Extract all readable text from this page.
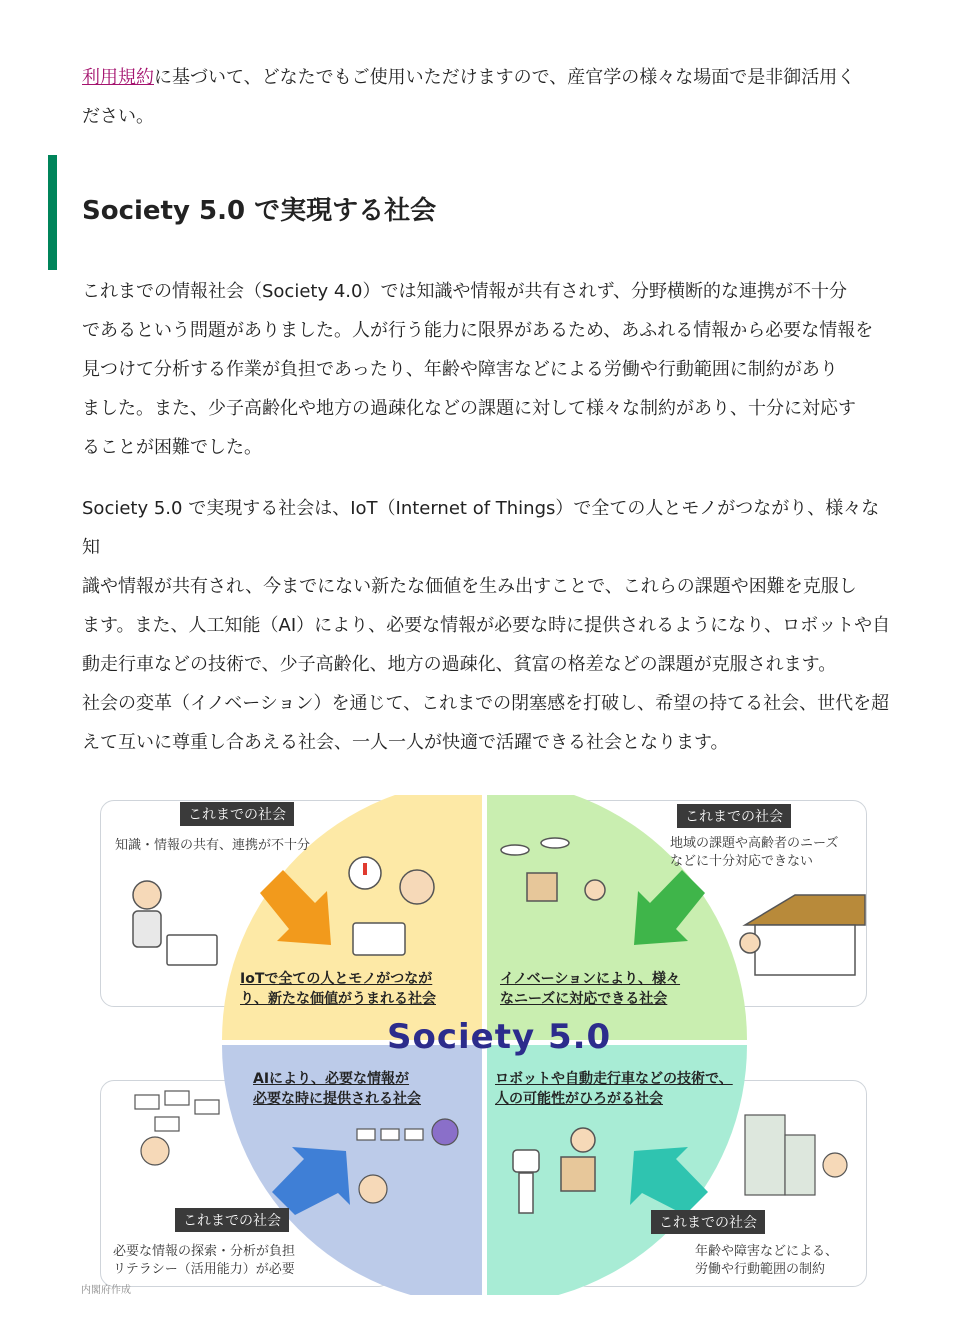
利用規約に基づいて、どなたでもご使用いただけますので、産官学の様々な場面で是非御活用く
ださい。

Society 5.0 で実現する社会

これまでの情報社会（Society 4.0）では知識や情報が共有されず、分野横断的な連携が不十分
であるという問題がありました。人が行う能力に限界があるため、あふれる情報から必要な情報を
見つけて分析する作業が負担であったり、年齢や障害などによる労働や行動範囲に制約があり
ました。また、少子高齢化や地方の過疎化などの課題に対して様々な制約があり、十分に対応す
ることが困難でした。

Society 5.0 で実現する社会は、IoT（Internet of Things）で全ての人とモノがつながり、様々な知
識や情報が共有され、今までにない新たな価値を生み出すことで、これらの課題や困難を克服し
ます。また、人工知能（AI）により、必要な情報が必要な時に提供されるようになり、ロボットや自
動走行車などの技術で、少子高齢化、地方の過疎化、貧富の格差などの課題が克服されます。
社会の変革（イノベーション）を通じて、これまでの閉塞感を打破し、希望の持てる社会、世代を超
えて互いに尊重し合あえる社会、一人一人が快適で活躍できる社会となります。

これまでの社会	これまでの社会
これまでの社会	これまでの社会
知識・情報の共有、連携が不十分	地域の課題や高齢者のニーズ
などに十分対応できない
必要な情報の探索・分析が負担
リテラシー（活用能力）が必要
年齢や障害などによる、
労働や行動範囲の制約
IoTで全ての人とモノがつなが
り、新たな価値がうまれる社会
イノベーションにより、様々
なニーズに対応できる社会
AIにより、必要な情報が
必要な時に提供される社会
ロボットや自動走行車などの技術で、
人の可能性がひろがる社会
Society 5.0
内閣府作成
